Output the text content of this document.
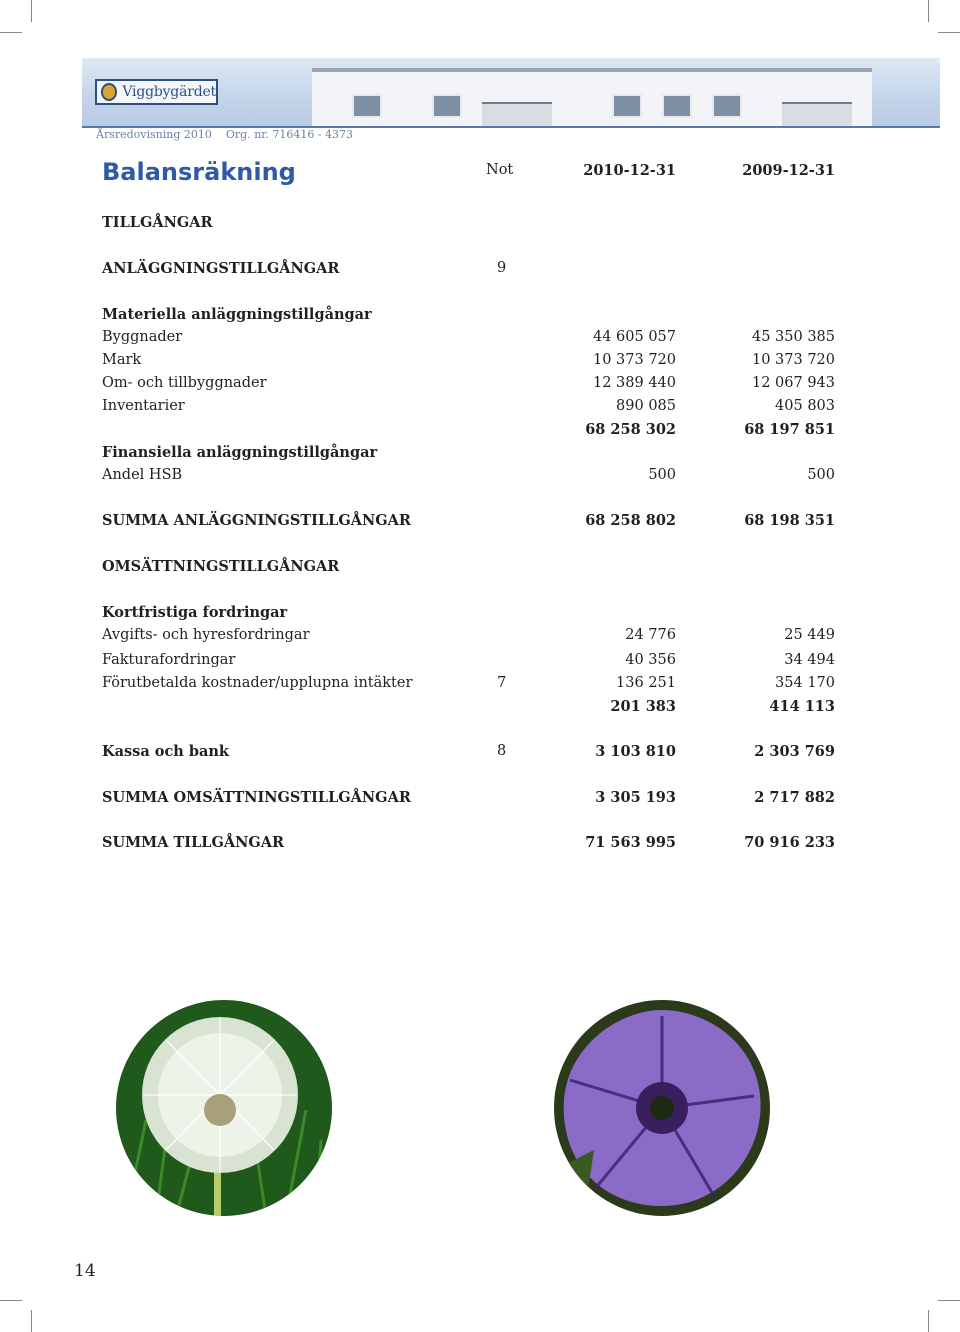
Viggbygärdet
Årsredovisning 2010 Org. nr. 716416 - 4373
Balansräkning	Not	2010-12-31	2009-12-31
TILLGÅNGAR
ANLÄGGNINGSTILLGÅNGAR	9
Materiella anläggningstillgångar
Byggnader	44 605 057	45 350 385
Mark	10 373 720	10 373 720
Om- och tillbyggnader	12 389 440	12 067 943
Inventarier	890 085	405 803
68 258 302	68 197 851
Finansiella anläggningstillgångar
Andel HSB	500	500
SUMMA ANLÄGGNINGSTILLGÅNGAR	68 258 802	68 198 351
OMSÄTTNINGSTILLGÅNGAR
Kortfristiga fordringar
Avgifts- och hyresfordringar	24 776	25 449
Fakturafordringar	40 356	34 494
Förutbetalda kostnader/upplupna intäkter	7	136 251	354 170
201 383	414 113
Kassa och bank	8	3 103 810	2 303 769
SUMMA OMSÄTTNINGSTILLGÅNGAR	3 305 193	2 717 882
SUMMA TILLGÅNGAR	71 563 995	70 916 233
14
